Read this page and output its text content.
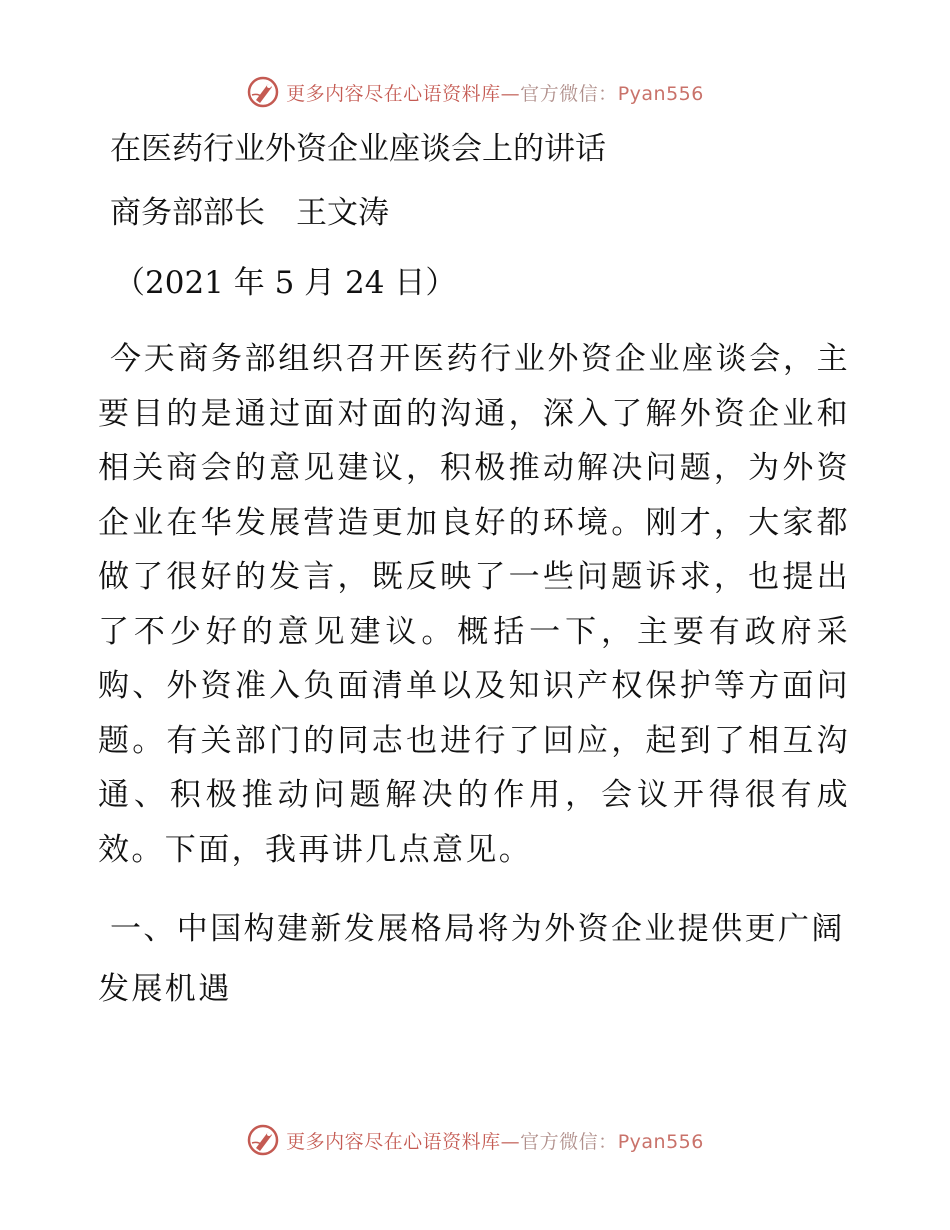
更多内容尽在心语资料库—官方微信：Pyan556
在医药行业外资企业座谈会上的讲话
商务部部长　王文涛
（2021 年 5 月 24 日）
今天商务部组织召开医药行业外资企业座谈会，主要目的是通过面对面的沟通，深入了解外资企业和相关商会的意见建议，积极推动解决问题，为外资企业在华发展营造更加良好的环境。刚才，大家都做了很好的发言，既反映了一些问题诉求，也提出了不少好的意见建议。概括一下，主要有政府采购、外资准入负面清单以及知识产权保护等方面问题。有关部门的同志也进行了回应，起到了相互沟通、积极推动问题解决的作用，会议开得很有成效。下面，我再讲几点意见。
一、中国构建新发展格局将为外资企业提供更广阔发展机遇
更多内容尽在心语资料库—官方微信：Pyan556
